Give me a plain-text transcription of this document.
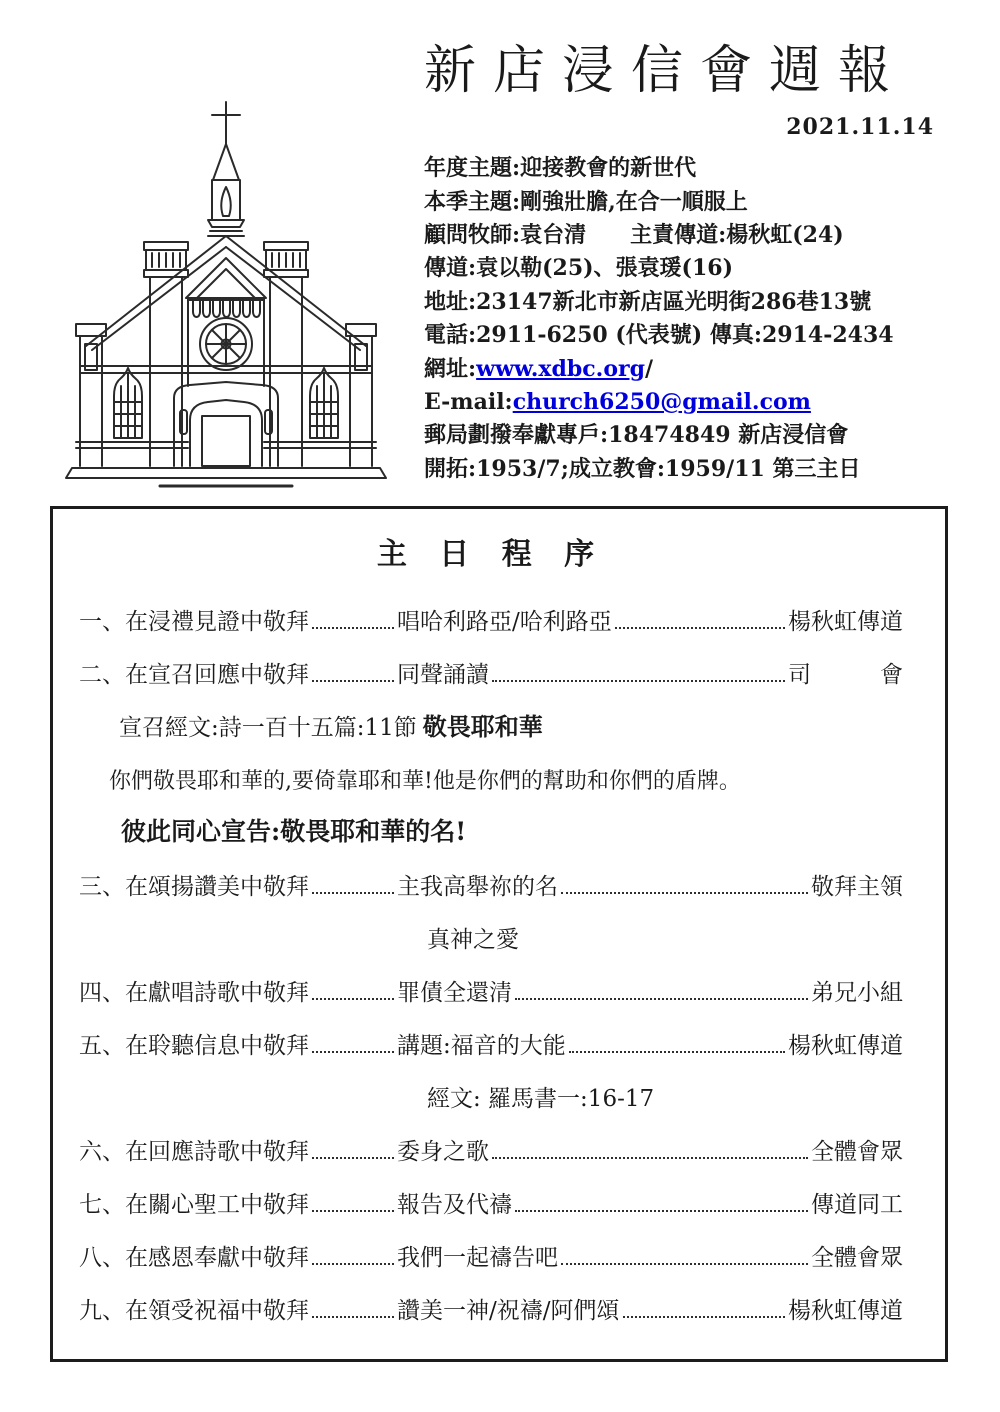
新店浸信會週報
2021.11.14
年度主題:迎接教會的新世代
本季主題:剛強壯膽,在合一順服上
顧問牧師:袁台清　　主責傳道:楊秋虹(24)
傳道:袁以勒(25)、張袁瑗(16)
地址:23147新北市新店區光明街286巷13號
電話:2911-6250 (代表號) 傳真:2914-2434
網址:www.xdbc.org/
E-mail:church6250@gmail.com
郵局劃撥奉獻專戶:18474849 新店浸信會
開拓:1953/7;成立教會:1959/11 第三主日
主 日 程 序
一、在浸禮見證中敬拜	唱哈利路亞/哈利路亞	楊秋虹傳道
二、在宣召回應中敬拜	同聲誦讀	司　　　會
宣召經文:詩一百十五篇:11節 敬畏耶和華
你們敬畏耶和華的,要倚靠耶和華!他是你們的幫助和你們的盾牌。
彼此同心宣告:敬畏耶和華的名!
三、在頌揚讚美中敬拜	主我高舉祢的名	敬拜主領
真神之愛
四、在獻唱詩歌中敬拜	罪債全還清	弟兄小組
五、在聆聽信息中敬拜	講題:福音的大能	楊秋虹傳道
經文: 羅馬書一:16-17
六、在回應詩歌中敬拜	委身之歌	全體會眾
七、在關心聖工中敬拜	報告及代禱	傳道同工
八、在感恩奉獻中敬拜	我們一起禱告吧	全體會眾
九、在領受祝福中敬拜	讚美一神/祝禱/阿們頌	楊秋虹傳道
